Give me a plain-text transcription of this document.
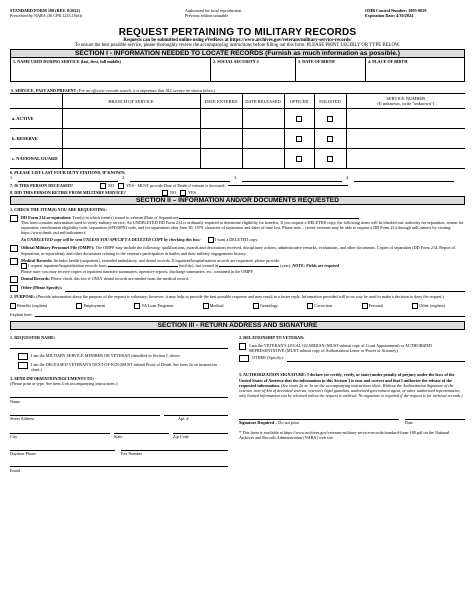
STANDARD FORM 180 (REV. 8/2022)
Prescribed by NARA (36 CFR 1233.18(d))
Authorized for local reproduction
Previous edition unusable
OMB Control Number: 3095-0029
Expiration Date: 4/30/2024
REQUEST PERTAINING TO MILITARY RECORDS
Requests can be submitted online using eVetRecs at https://www.archives.gov/veterans/military-service-records/
To ensure the best possible service, please thoroughly review the accompanying instructions before filling out this form. PLEASE PRINT LEGIBLY OR TYPE BELOW.
SECTION I - INFORMATION NEEDED TO LOCATE RECORDS (Furnish as much information as possible.)
1. NAME USED DURING SERVICE (last, first, full middle)	2. SOCIAL SECURITY #	3. DATE OF BIRTH	4. PLACE OF BIRTH
5. SERVICE, PAST AND PRESENT (For an effective records search, it is important that ALL service be shown below.)
	BRANCH OF SERVICE	DATE ENTERED	DATE RELEASED	OFFICER	ENLISTED	SERVICE NUMBER
(If unknown, write "unknown")

a. ACTIVE						
b. RESERVE						
c. NATIONAL GUARD						
6. PLEASE LIST LAST FOUR DUTY STATIONS, IF KNOWN:
1.	2.	3.	4.
7. IS THIS PERSON DECEASED?	NO	YES - MUST provide Date of Death if veteran is deceased:
8. DID THIS PERSON RETIRE FROM MILITARY SERVICE?	NO	YES
SECTION II – INFORMATION AND/OR DOCUMENTS REQUESTED
1. CHECK THE ITEM(S) YOU ARE REQUESTING:
DD Form 214 or equivalent: Year(s) in which form(s) issued to veteran (Date of Separation):
This form contains information used to verify military service. An UNDELETED DD Form 214 is ordinarily required to determine eligibility for benefits. If you request a DELETED copy, the following items will be blacked out: authority for separation, reason for separation, reenlistment eligibility code, separation (SPD/SPN) code, and for separations after June 30, 1979, character of separation and dates of time lost. Please note – recent veterans may be able to request a DD Form 214 through milConnect by visiting: https://www.dmdc.osd.mil/milconnect/
An UNDELETED copy will be sent UNLESS YOU SPECIFY A DELETED COPY by checking this box:	I want a DELETED copy.
Official Military Personnel File (OMPF): The OMPF may include the following: qualifications, awards and decorations received, disciplinary actions, administrative remarks, evaluations, and other documents. Copies of separation (DD Form 214, Report of Separation, or equivalent), and other documents relating to the veteran's participation in battles and their military engagements history.
Medical Records: Includes health (outpatient), extended ambulatory, and dental records. If inpatient/hospitalization records are requested, please provide:
I request inpatient/hospitalization records from	(facility), last treated in	(year). NOTE: Fields are required
Please note: you may receive copies of inpatient narrative summaries, operative reports, discharge summaries, etc. contained in the OMPF.
Dental Records: Please check this box if ONLY dental records are needed from the medical record.
Other (Please Specify):
2. PURPOSE: (Provide information about the purpose of the request is voluntary; however, it may help to provide the best possible response and may result in a faster reply. Information provided will in no way be used to make a decision to deny the request.)
Benefits (explain)	Employment	VA Loan Programs	Medical	Genealogy	Correction	Personal	Other (explain)
Explain here:
SECTION III - RETURN ADDRESS AND SIGNATURE
1. REQUESTER NAME:
I am the MILITARY SERVICE MEMBER OR VETERAN identified in Section I, above.
I am the DECEASED VETERAN'S NEXT-OF-KIN (MUST submit Proof of Death. See item 2a on instruction sheet.)
3. SEND INFORMATION/DOCUMENTS TO:
(Please print or type. See item 4 on accompanying instructions.)
Name
Street Address	Apt. #
City	State	Zip Code
Daytime Phone	Fax Number
Email
2. RELATIONSHIP TO VETERAN:
I am the VETERAN'S LEGAL GUARDIAN (MUST submit copy of Court Appointment) or AUTHORIZED REPRESENTATIVE (MUST submit copy of Authorization Letter or Power of Attorney)
OTHER (Specify):
5. AUTHORIZATION SIGNATURE: I declare (or certify, verify, or state) under penalty of perjury under the laws of the United States of America that the information in this Section 3 is true and correct and that I authorize the release of the requested information. (See items 2a or 3a on the accompanying instructions sheet. Without the Authorization Signature of the veteran, next-of-kin of deceased veteran, veteran's legal guardian, authorized government agent, or other authorized representative, only limited information can be released unless the request is archival. No signature is required if the request is for archival records.)
Signature Required – Do not print	Date
* This form is available at https://www.archives.gov/veterans-military-service-records/standard-form-180.pdf on the National Archives and Records Administration (NARA) web site.
